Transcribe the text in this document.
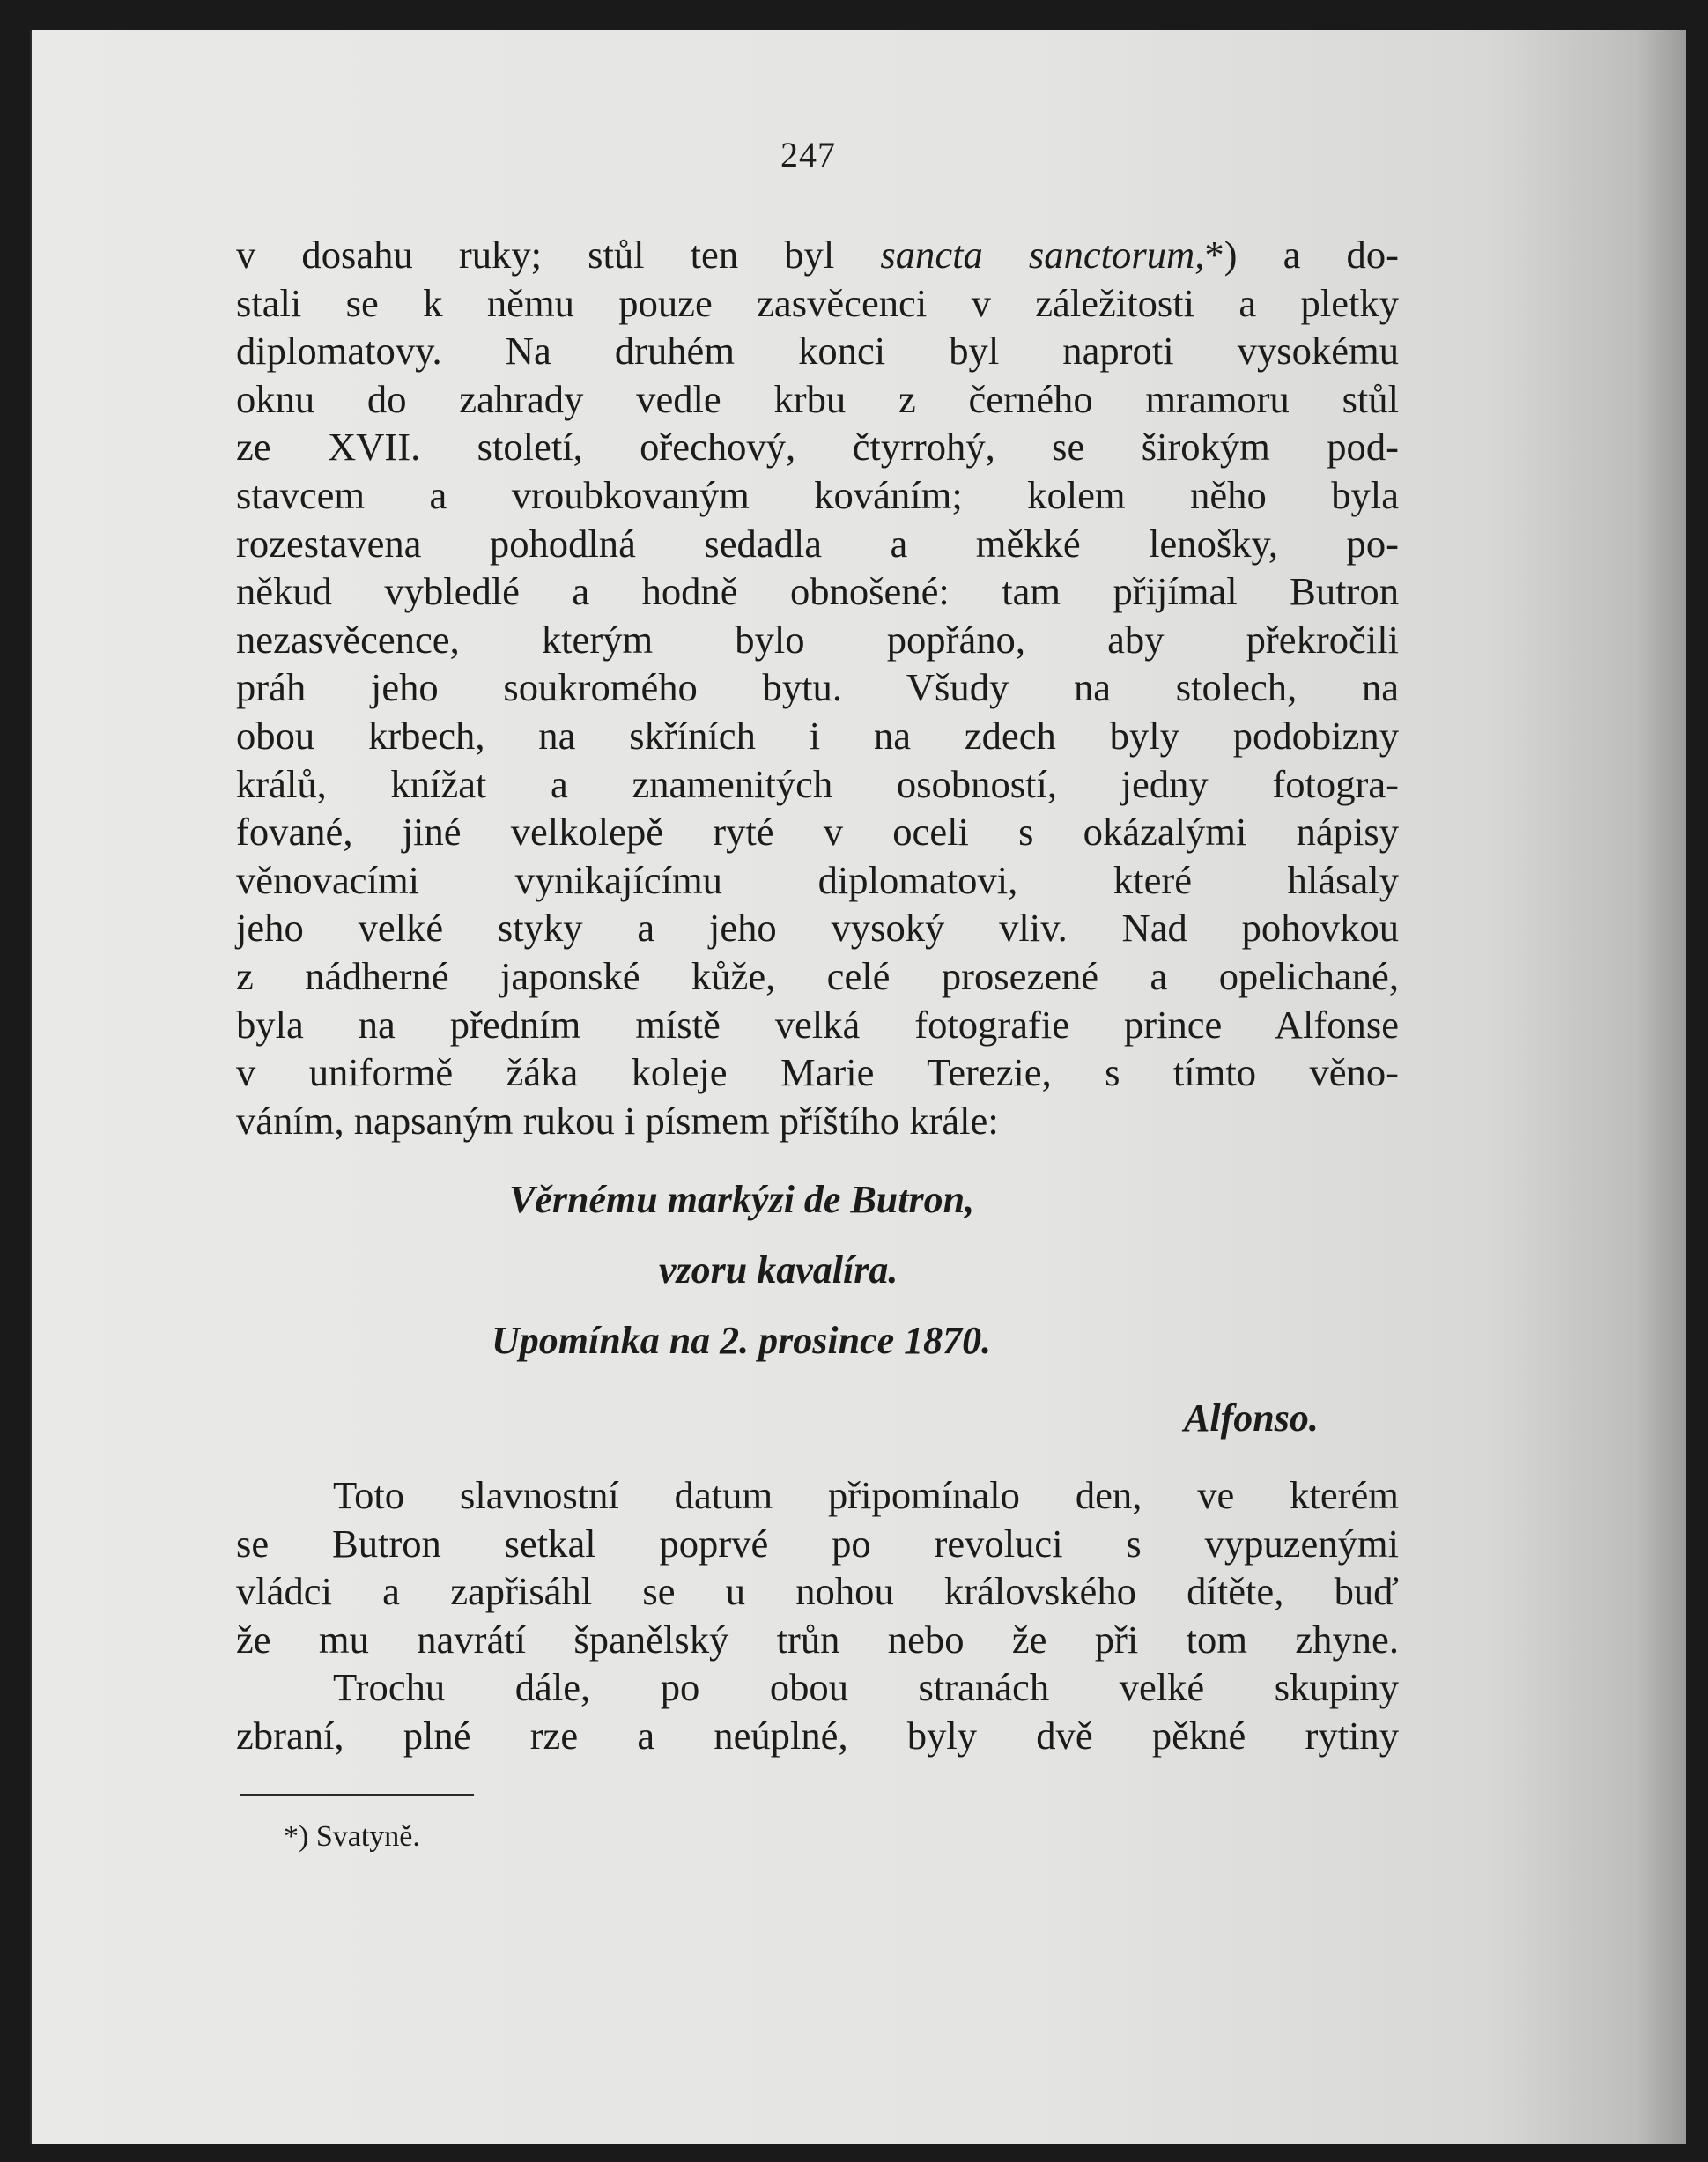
247
v dosahu ruky; stůl ten byl sancta sanctorum,*) a do-
stali se k němu pouze zasvěcenci v záležitosti a pletky
diplomatovy. Na druhém konci byl naproti vysokému
oknu do zahrady vedle krbu z černého mramoru stůl
ze XVII. století, ořechový, čtyrrohý, se širokým pod-
stavcem a vroubkovaným kováním; kolem něho byla
rozestavena pohodlná sedadla a měkké lenošky, po-
někud vybledlé a hodně obnošené: tam přijímal Butron
nezasvěcence, kterým bylo popřáno, aby překročili
práh jeho soukromého bytu. Všudy na stolech, na
obou krbech, na skříních i na zdech byly podobizny
králů, knížat a znamenitých osobností, jedny fotogra-
fované, jiné velkolepě ryté v oceli s okázalými nápisy
věnovacími vynikajícímu diplomatovi, které hlásaly
jeho velké styky a jeho vysoký vliv. Nad pohovkou
z nádherné japonské kůže, celé prosezené a opelichané,
byla na předním místě velká fotografie prince Alfonse
v uniformě žáka koleje Marie Terezie, s tímto věno-
váním, napsaným rukou i písmem příštího krále:
Věrnému markýzi de Butron,
vzoru kavalíra.
Upomínka na 2. prosince 1870.
Alfonso.
Toto slavnostní datum připomínalo den, ve kterém
se Butron setkal poprvé po revoluci s vypuzenými
vládci a zapřisáhl se u nohou královského dítěte, buď
že mu navrátí španělský trůn nebo že při tom zhyne.
Trochu dále, po obou stranách velké skupiny
zbraní, plné rze a neúplné, byly dvě pěkné rytiny
*) Svatyně.
